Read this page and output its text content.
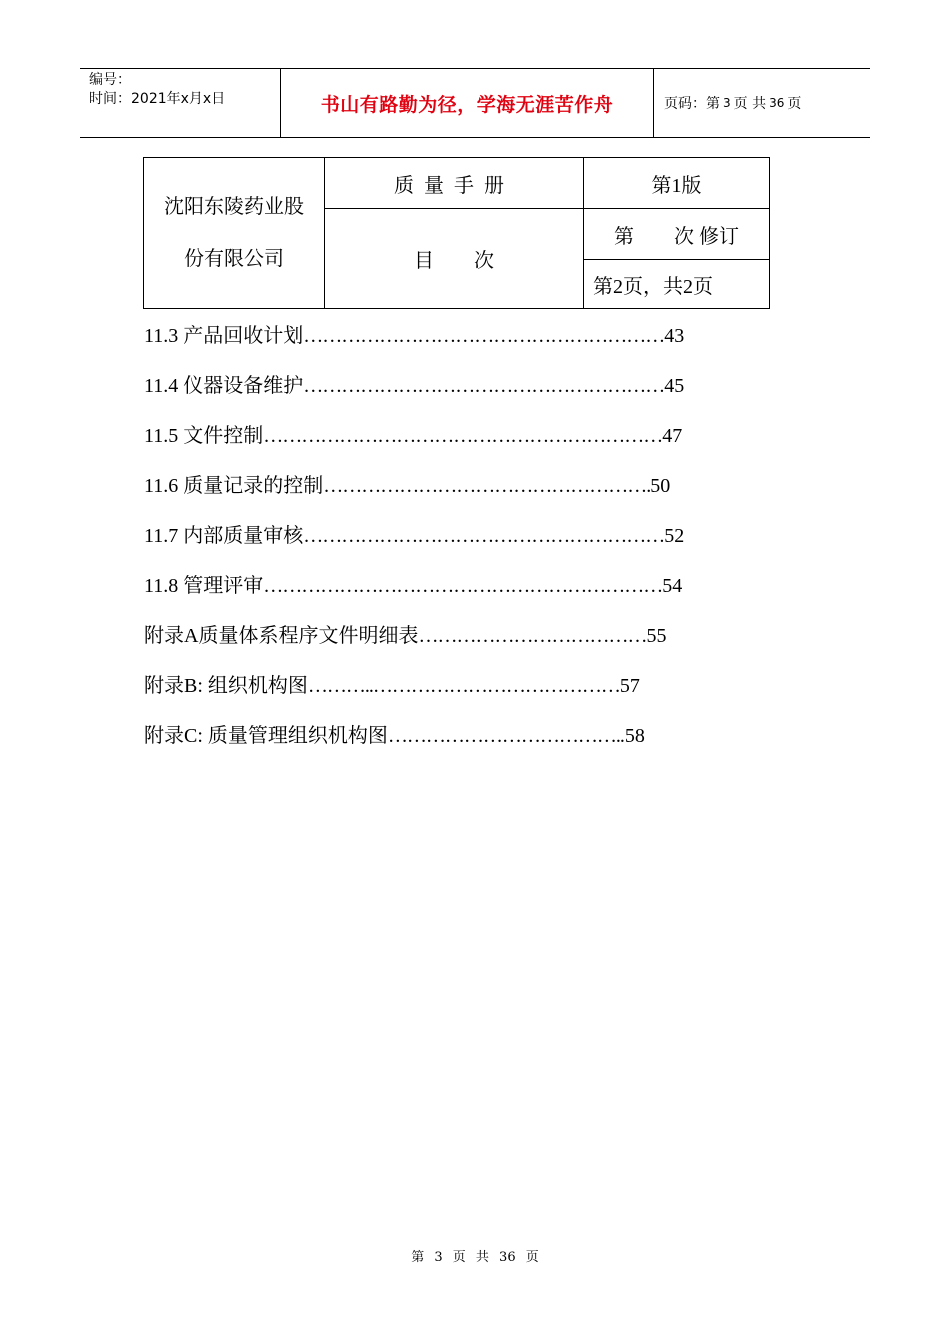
编号：
时间：2021年x月x日	书山有路勤为径，学海无涯苦作舟	页码：第 3 页 共 36 页
沈阳东陵药业股
份有限公司	质量手册	第1版
	目 次	第 次 修订
		第2页，共2页
11.3 产品回收计划…………………………………………………43
11.4 仪器设备维护…………………………………………………45
11.5 文件控制………………………………………………………47
11.6 质量记录的控制…………………………………………….50
11.7 内部质量审核…………………………………………………52
11.8 管理评审………………………………………………………54
附录A质量体系程序文件明细表………………………………55
附录B: 组织机构图………..…………………………………57
附录C: 质量管理组织机构图………………………………..58
第 3 页 共 36 页
